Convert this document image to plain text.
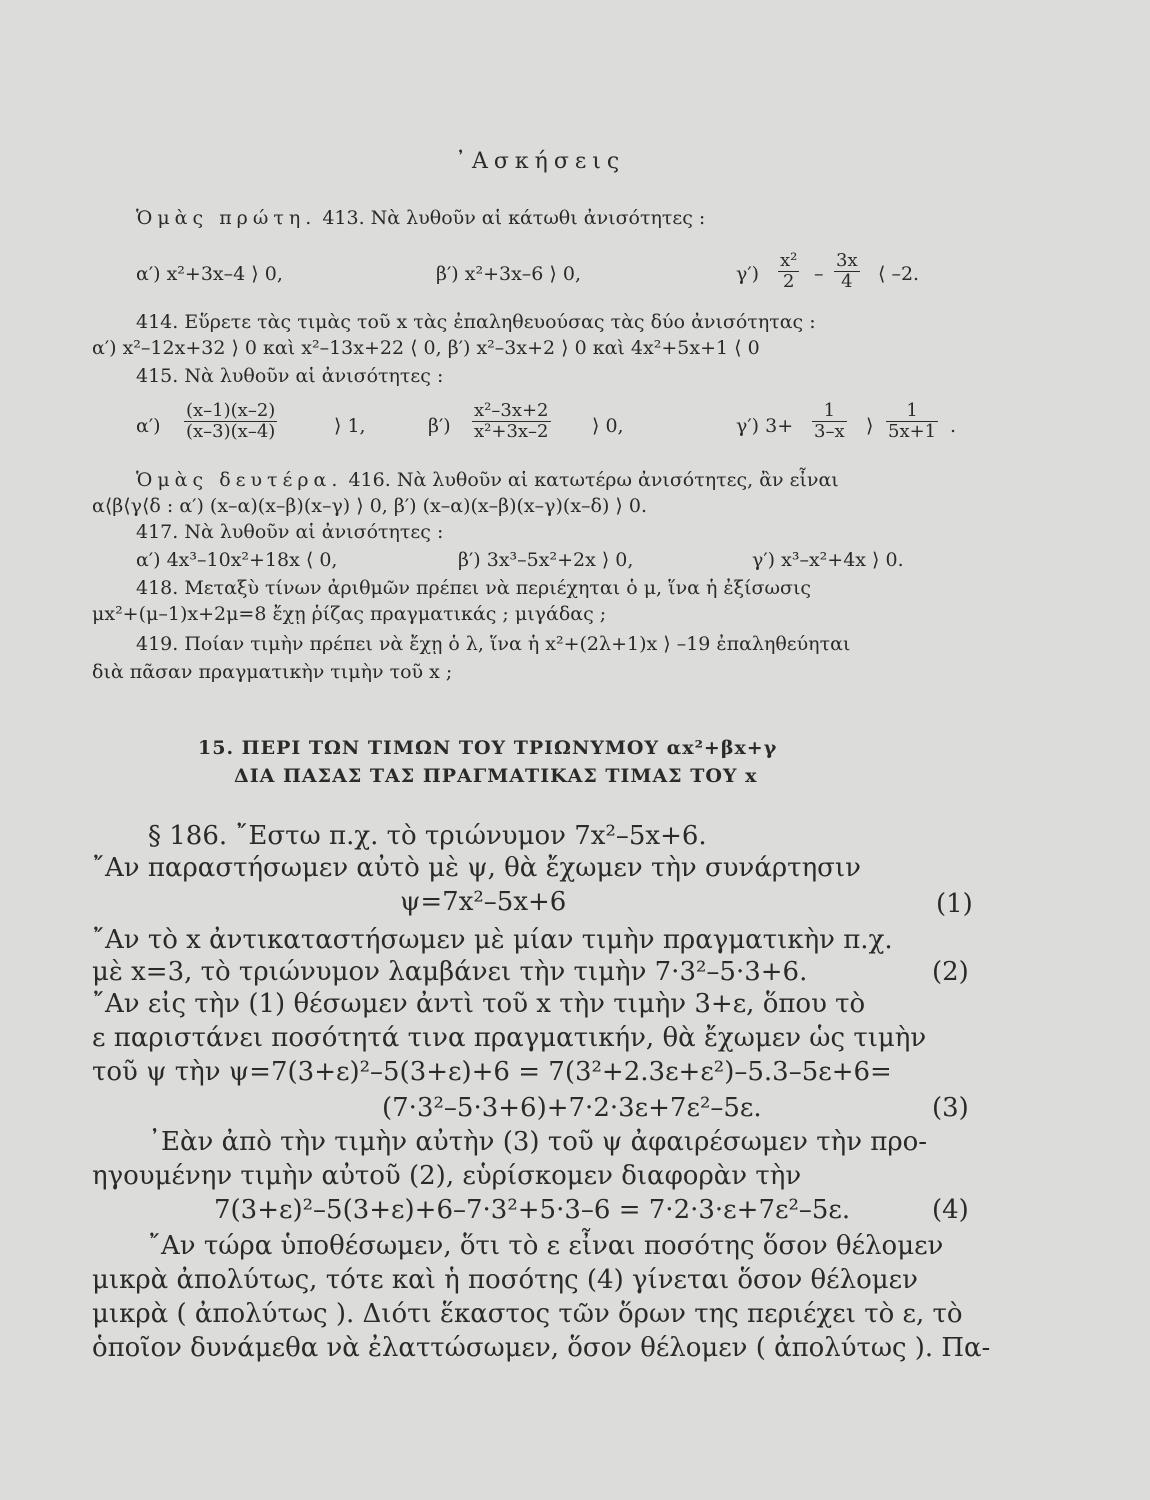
᾿Ασκήσεις
Ὁμὰς πρώτη. 413. Νὰ λυθοῦν αἱ κάτωθι ἀνισότητες :
α′) x²+3x–4 ⟩ 0,	β′) x²+3x–6 ⟩ 0,	$\gamma') \frac{\text{x²}}{2} - \frac{3x}{4}$ ⟨ –2.
414. Εὕρετε τὰς τιμὰς τοῦ x τὰς ἐπαληθευούσας τὰς δύο ἀνισότητας :
α′) x²–12x+32 ⟩ 0 καὶ x²–13x+22 ⟨ 0, β′) x²–3x+2 ⟩ 0 καὶ 4x²+5x+1 ⟨ 0
415. Νὰ λυθοῦν αἱ ἀνισότητες :
$\alpha') \frac{(x-1)(x-2)}{(x-3)(x-4)}$	⟩ 1,	$\beta') \frac{\text{x²–3x+2}}{\text{x²+3x–2}}$ ⟩ 0,	γ′) $3+ \frac{1}{3-x}$ ⟩ $\frac{1}{5x+1}$ .
Ὁμὰς δευτέρα. 416. Νὰ λυθοῦν αἱ κατωτέρω ἀνισότητες, ἂν εἶναι
α⟨β⟨γ⟨δ : α′) (x–α)(x–β)(x–γ) ⟩ 0, β′) (x–α)(x–β)(x–γ)(x–δ) ⟩ 0.
417. Νὰ λυθοῦν αἱ ἀνισότητες :
α′) 4x³–10x²+18x ⟨ 0,	β′) 3x³–5x²+2x ⟩ 0,	γ′) x³–x²+4x ⟩ 0.
418. Μεταξὺ τίνων ἀριθμῶν πρέπει νὰ περιέχηται ὁ μ, ἵνα ἡ ἐξίσωσις
μx²+(μ–1)x+2μ=8 ἔχῃ ῥίζας πραγματικάς ; μιγάδας ;
419. Ποίαν τιμὴν πρέπει νὰ ἔχῃ ὁ λ, ἵνα ἡ x²+(2λ+1)x ⟩ –19 ἐπαληθεύηται
διὰ πᾶσαν πραγματικὴν τιμὴν τοῦ x ;
15. ΠΕΡΙ ΤΩΝ ΤΙΜΩΝ ΤΟΥ ΤΡΙΩΝΥΜΟΥ αx²+βx+γ
ΔΙΑ ΠΑΣΑΣ ΤΑΣ ΠΡΑΓΜΑΤΙΚΑΣ ΤΙΜΑΣ ΤΟΥ x
§ 186. ῎Εστω π.χ. τὸ τριώνυμον 7x²–5x+6.
῎Αν παραστήσωμεν αὐτὸ μὲ ψ, θὰ ἔχωμεν τὴν συνάρτησιν
ψ=7x²–5x+6	(1)
῎Αν τὸ x ἀντικαταστήσωμεν μὲ μίαν τιμὴν πραγματικὴν π.χ.
μὲ x=3, τὸ τριώνυμον λαμβάνει τὴν τιμὴν 7·3²–5·3+6.	(2)
῎Αν εἰς τὴν (1) θέσωμεν ἀντὶ τοῦ x τὴν τιμὴν 3+ε, ὅπου τὸ
ε παριστάνει ποσότητά τινα πραγματικήν, θὰ ἔχωμεν ὡς τιμὴν
τοῦ ψ τὴν ψ=7(3+ε)²–5(3+ε)+6 = 7(3²+2.3ε+ε²)–5.3–5ε+6=
(7·3²–5·3+6)+7·2·3ε+7ε²–5ε.	(3)
᾿Εὰν ἀπὸ τὴν τιμὴν αὐτὴν (3) τοῦ ψ ἀφαιρέσωμεν τὴν προ-
ηγουμένην τιμὴν αὐτοῦ (2), εὑρίσκομεν διαφορὰν τὴν
7(3+ε)²–5(3+ε)+6–7·3²+5·3–6 = 7·2·3·ε+7ε²–5ε.	(4)
῎Αν τώρα ὑποθέσωμεν, ὅτι τὸ ε εἶναι ποσότης ὅσον θέλομεν
μικρὰ ἀπολύτως, τότε καὶ ἡ ποσότης (4) γίνεται ὅσον θέλομεν
μικρὰ ( ἀπολύτως ). Διότι ἕκαστος τῶν ὅρων της περιέχει τὸ ε, τὸ
ὁποῖον δυνάμεθα νὰ ἐλαττώσωμεν, ὅσον θέλομεν ( ἀπολύτως ). Πα-
